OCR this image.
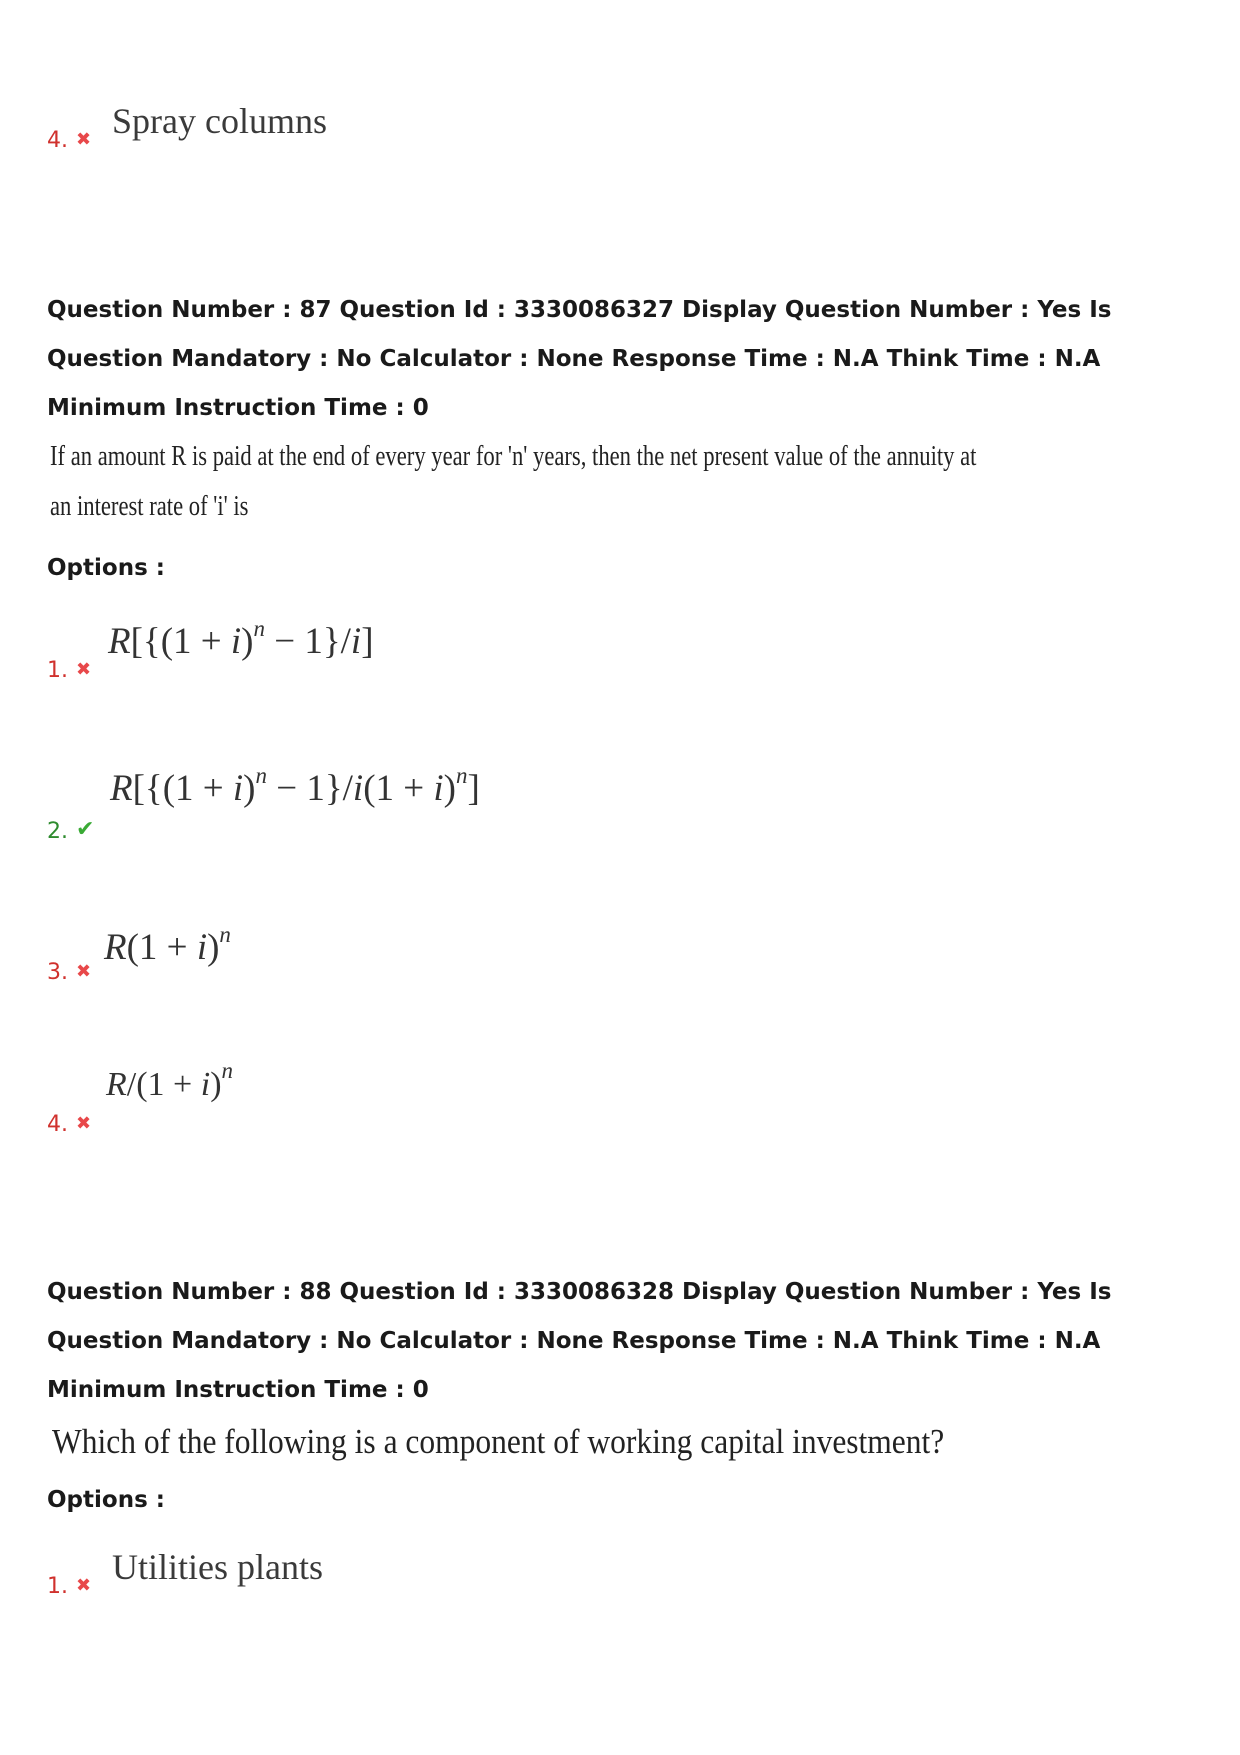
4. ✖ Spray columns
Question Number : 87 Question Id : 3330086327 Display Question Number : Yes Is Question Mandatory : No Calculator : None Response Time : N.A Think Time : N.A Minimum Instruction Time : 0
If an amount R is paid at the end of every year for 'n' years, then the net present value of the annuity at
an interest rate of 'i' is
Options :
1. ✖
$R[\{(1 + i)^n - 1\}/i]$
2. ✔
$R[\{(1 + i)^n - 1\}/i(1 + i)^n]$
3. ✖
$R(1 + i)^n$
4. ✖
$R/(1 + i)^n$
Question Number : 88 Question Id : 3330086328 Display Question Number : Yes Is Question Mandatory : No Calculator : None Response Time : N.A Think Time : N.A Minimum Instruction Time : 0
Which of the following is a component of working capital investment?
Options :
1. ✖ Utilities plants
